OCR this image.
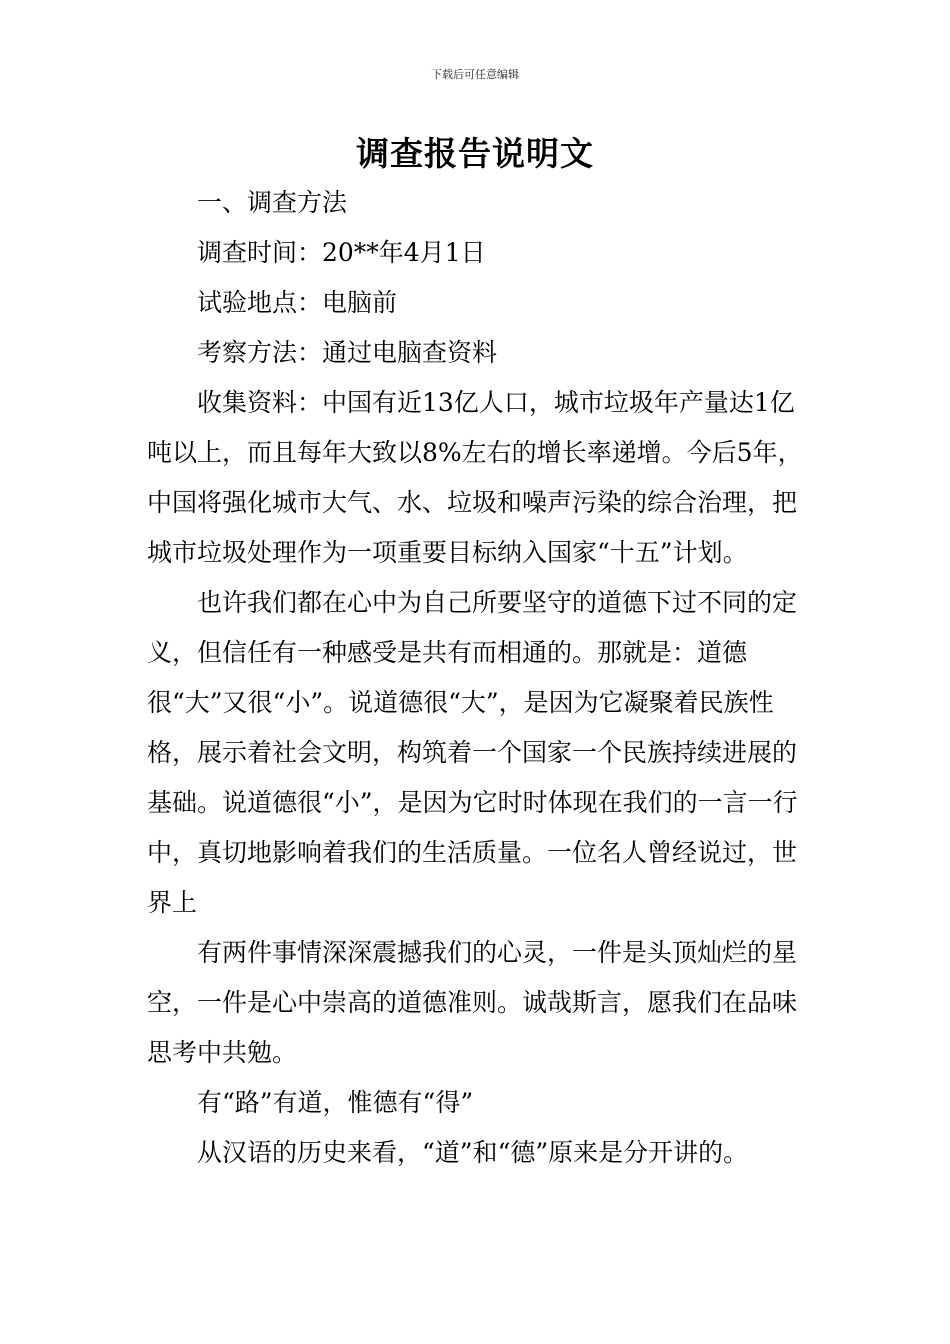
下载后可任意编辑
调查报告说明文

一、调查方法

调查时间：20**年4月1日

试验地点：电脑前

考察方法：通过电脑查资料

收集资料：中国有近13亿人口，城市垃圾年产量达1亿吨以上，而且每年大致以8%左右的增长率递增。今后5年，中国将强化城市大气、水、垃圾和噪声污染的综合治理，把城市垃圾处理作为一项重要目标纳入国家“十五”计划。

也许我们都在心中为自己所要坚守的道德下过不同的定义，但信任有一种感受是共有而相通的。那就是：道德很“大”又很“小”。说道德很“大”，是因为它凝聚着民族性格，展示着社会文明，构筑着一个国家一个民族持续进展的基础。说道德很“小”，是因为它时时体现在我们的一言一行中，真切地影响着我们的生活质量。一位名人曾经说过，世界上

有两件事情深深震撼我们的心灵，一件是头顶灿烂的星空，一件是心中崇高的道德准则。诚哉斯言，愿我们在品味思考中共勉。

有“路”有道，惟德有“得”

从汉语的历史来看，“道”和“德”原来是分开讲的。
